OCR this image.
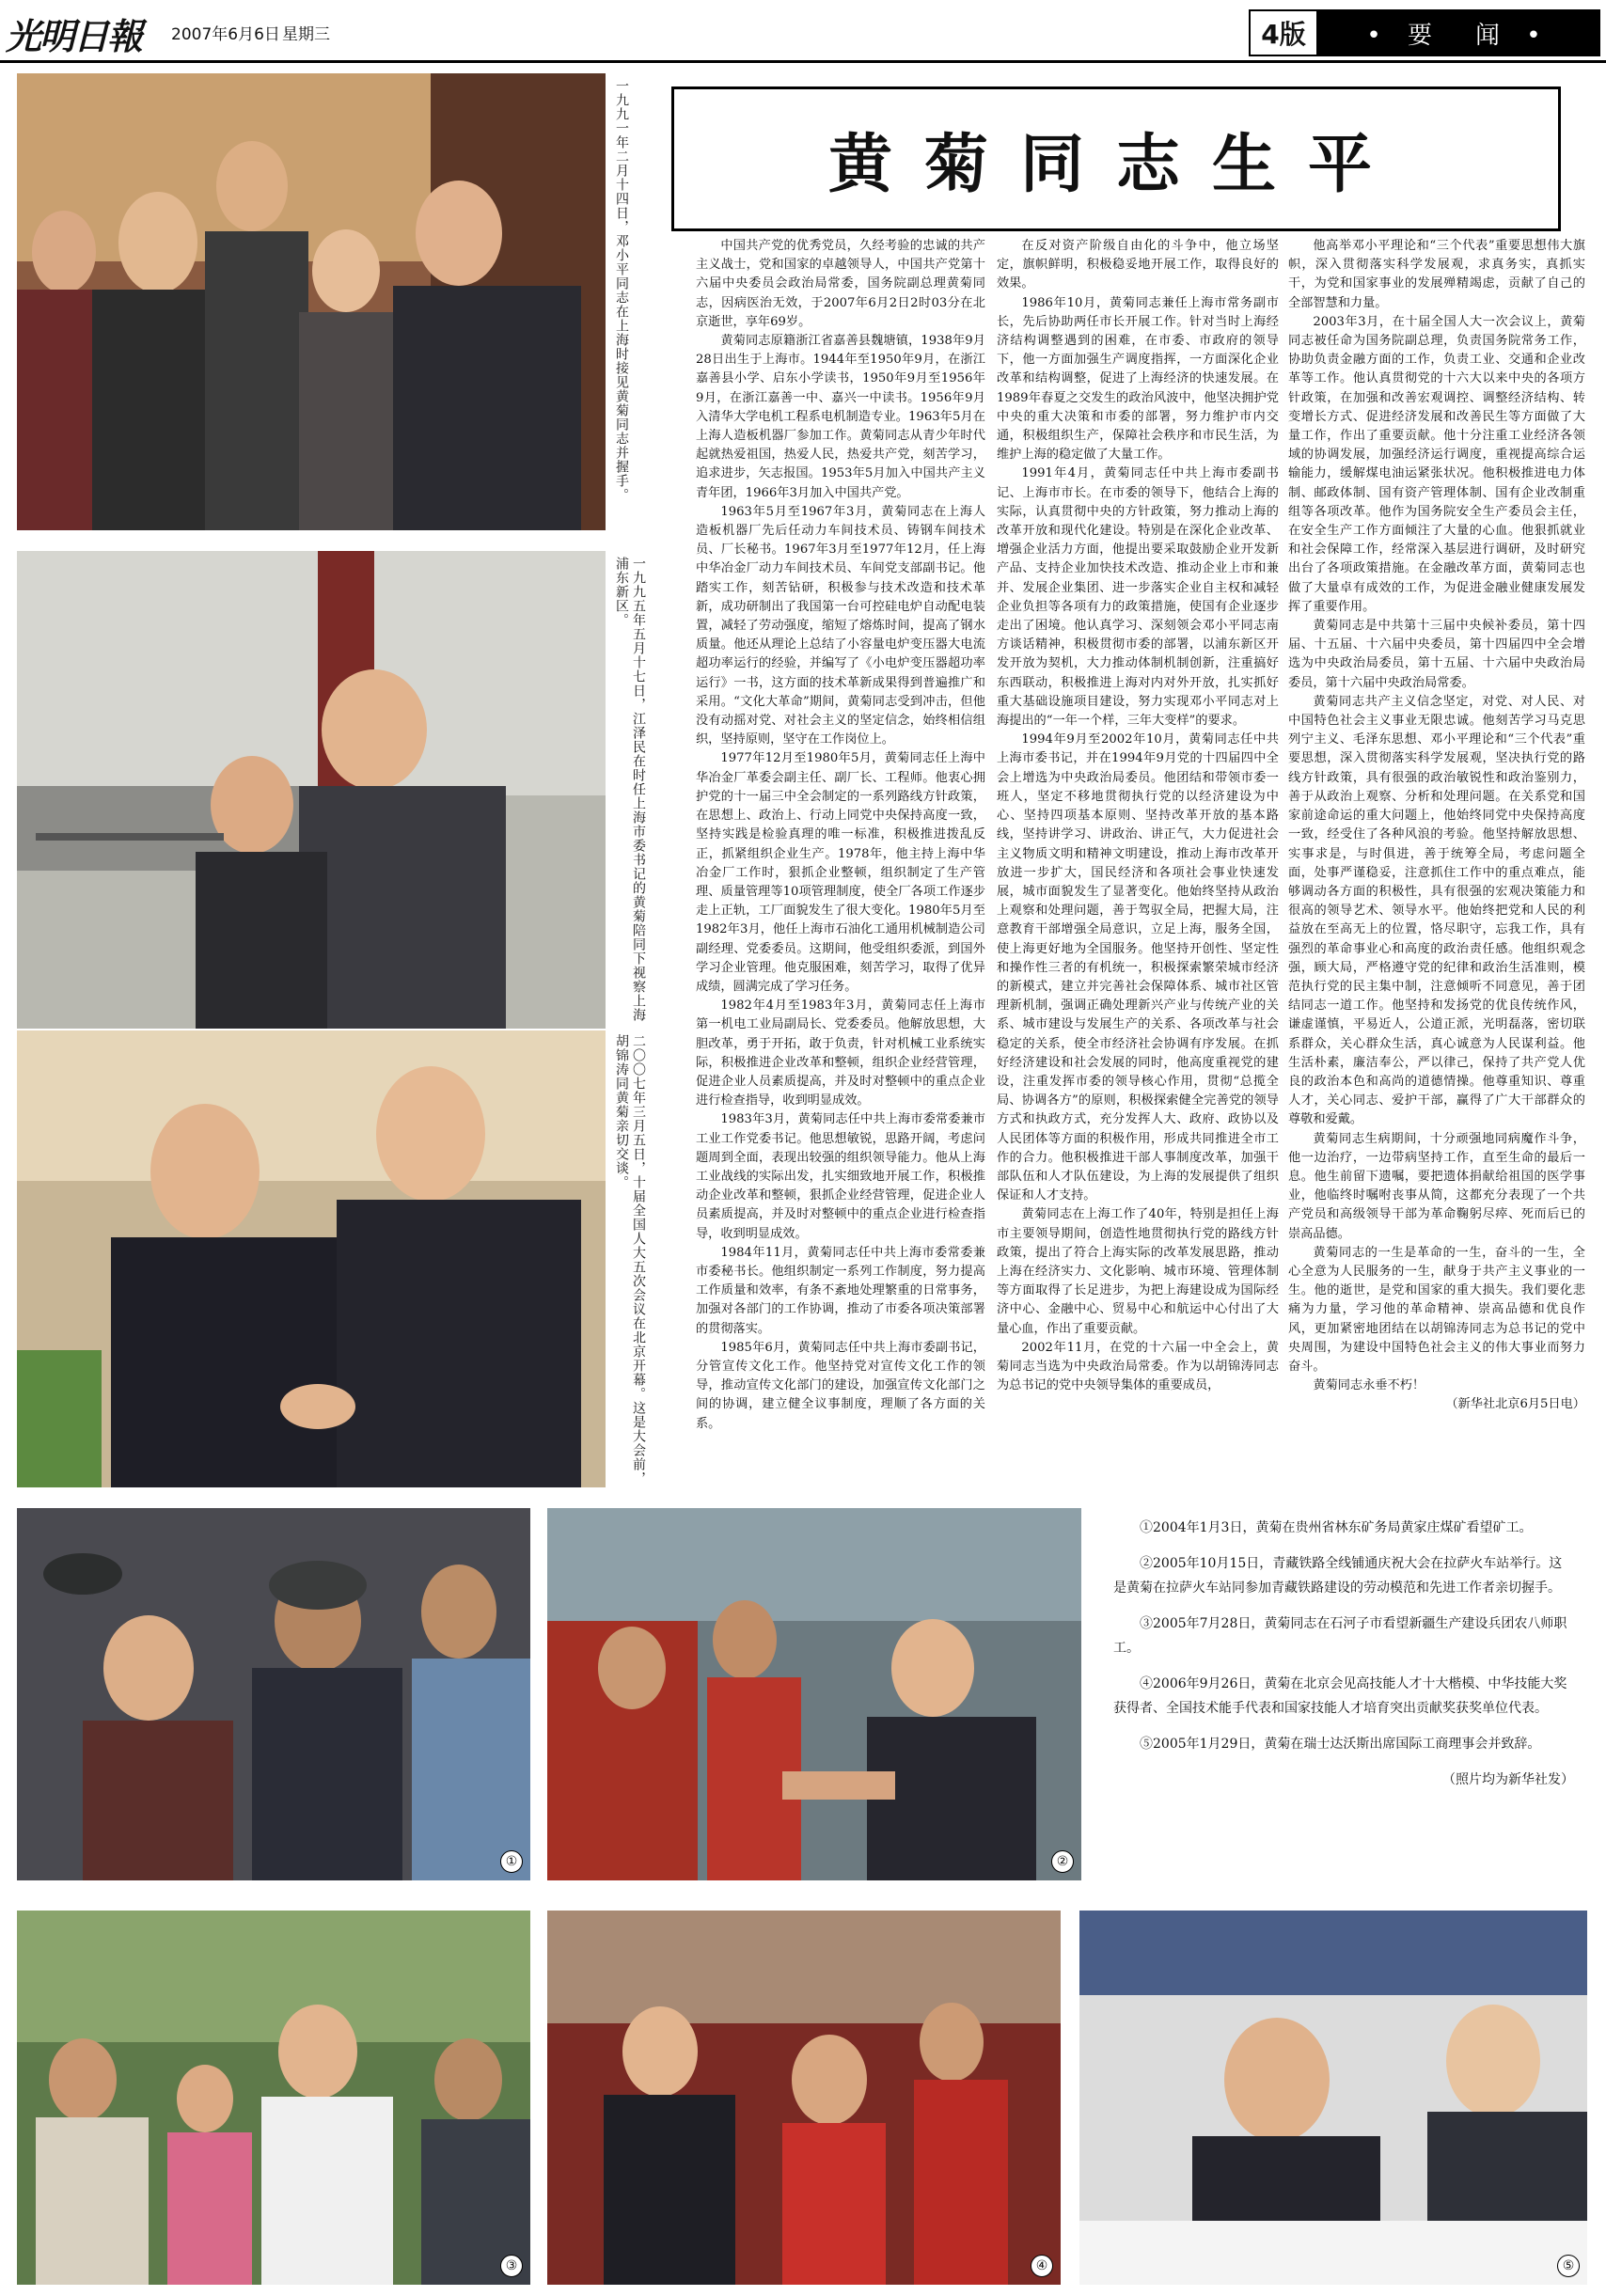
光明日報 2007年6月6日 星期三	4版	• 要　闻 •
一九九一年二月十四日，邓小平同志在上海时接见黄菊同志并握手。
一九九五年五月十七日，江泽民在时任上海市委书记的黄菊陪同下视察上海浦东新区。
二〇〇七年三月五日，十届全国人大五次会议在北京开幕。这是大会前，胡锦涛同黄菊亲切交谈。
黄菊同志生平

中国共产党的优秀党员，久经考验的忠诚的共产主义战士，党和国家的卓越领导人，中国共产党第十六届中央委员会政治局常委，国务院副总理黄菊同志，因病医治无效，于2007年6月2日2时03分在北京逝世，享年69岁。

黄菊同志原籍浙江省嘉善县魏塘镇，1938年9月28日出生于上海市。1944年至1950年9月，在浙江嘉善县小学、启东小学读书，1950年9月至1956年9月，在浙江嘉善一中、嘉兴一中读书。1956年9月入清华大学电机工程系电机制造专业。1963年5月在上海人造板机器厂参加工作。黄菊同志从青少年时代起就热爱祖国，热爱人民，热爱共产党，刻苦学习，追求进步，矢志报国。1953年5月加入中国共产主义青年团，1966年3月加入中国共产党。

1963年5月至1967年3月，黄菊同志在上海人造板机器厂先后任动力车间技术员、铸钢车间技术员、厂长秘书。1967年3月至1977年12月，任上海中华冶金厂动力车间技术员、车间党支部副书记。他踏实工作，刻苦钻研，积极参与技术改造和技术革新，成功研制出了我国第一台可控硅电炉自动配电装置，减轻了劳动强度，缩短了熔炼时间，提高了钢水质量。他还从理论上总结了小容量电炉变压器大电流超功率运行的经验，并编写了《小电炉变压器超功率运行》一书，这方面的技术革新成果得到普遍推广和采用。“文化大革命”期间，黄菊同志受到冲击，但他没有动摇对党、对社会主义的坚定信念，始终相信组织，坚持原则，坚守在工作岗位上。

1977年12月至1980年5月，黄菊同志任上海中华冶金厂革委会副主任、副厂长、工程师。他衷心拥护党的十一届三中全会制定的一系列路线方针政策，在思想上、政治上、行动上同党中央保持高度一致，坚持实践是检验真理的唯一标准，积极推进拨乱反正，抓紧组织企业生产。1978年，他主持上海中华冶金厂工作时，狠抓企业整顿，组织制定了生产管理、质量管理等10项管理制度，使全厂各项工作逐步走上正轨，工厂面貌发生了很大变化。1980年5月至1982年3月，他任上海市石油化工通用机械制造公司副经理、党委委员。这期间，他受组织委派，到国外学习企业管理。他克服困难，刻苦学习，取得了优异成绩，圆满完成了学习任务。

1982年4月至1983年3月，黄菊同志任上海市第一机电工业局副局长、党委委员。他解放思想，大胆改革，勇于开拓，敢于负责，针对机械工业系统实际，积极推进企业改革和整顿，组织企业经营管理，促进企业人员素质提高，并及时对整顿中的重点企业进行检查指导，收到明显成效。

1983年3月，黄菊同志任中共上海市委常委兼市工业工作党委书记。他思想敏锐，思路开阔，考虑问题周到全面，表现出较强的组织领导能力。他从上海工业战线的实际出发，扎实细致地开展工作，积极推动企业改革和整顿，狠抓企业经营管理，促进企业人员素质提高，并及时对整顿中的重点企业进行检查指导，收到明显成效。

1984年11月，黄菊同志任中共上海市委常委兼市委秘书长。他组织制定一系列工作制度，努力提高工作质量和效率，有条不紊地处理繁重的日常事务，加强对各部门的工作协调，推动了市委各项决策部署的贯彻落实。

1985年6月，黄菊同志任中共上海市委副书记，分管宣传文化工作。他坚持党对宣传文化工作的领导，推动宣传文化部门的建设，加强宣传文化部门之间的协调，建立健全议事制度，理顺了各方面的关系。

在反对资产阶级自由化的斗争中，他立场坚定，旗帜鲜明，积极稳妥地开展工作，取得良好的效果。

1986年10月，黄菊同志兼任上海市常务副市长，先后协助两任市长开展工作。针对当时上海经济结构调整遇到的困难，在市委、市政府的领导下，他一方面加强生产调度指挥，一方面深化企业改革和结构调整，促进了上海经济的快速发展。在1989年春夏之交发生的政治风波中，他坚决拥护党中央的重大决策和市委的部署，努力维护市内交通，积极组织生产，保障社会秩序和市民生活，为维护上海的稳定做了大量工作。

1991年4月，黄菊同志任中共上海市委副书记、上海市市长。在市委的领导下，他结合上海的实际，认真贯彻中央的方针政策，努力推动上海的改革开放和现代化建设。特别是在深化企业改革、增强企业活力方面，他提出要采取鼓励企业开发新产品、支持企业加快技术改造、推动企业上市和兼并、发展企业集团、进一步落实企业自主权和减轻企业负担等各项有力的政策措施，使国有企业逐步走出了困境。他认真学习、深刻领会邓小平同志南方谈话精神，积极贯彻市委的部署，以浦东新区开发开放为契机，大力推动体制机制创新，注重搞好东西联动，积极推进上海对内对外开放，扎实抓好重大基础设施项目建设，努力实现邓小平同志对上海提出的“一年一个样，三年大变样”的要求。

1994年9月至2002年10月，黄菊同志任中共上海市委书记，并在1994年9月党的十四届四中全会上增选为中央政治局委员。他团结和带领市委一班人，坚定不移地贯彻执行党的以经济建设为中心、坚持四项基本原则、坚持改革开放的基本路线，坚持讲学习、讲政治、讲正气，大力促进社会主义物质文明和精神文明建设，推动上海市改革开放进一步扩大，国民经济和各项社会事业快速发展，城市面貌发生了显著变化。他始终坚持从政治上观察和处理问题，善于驾驭全局，把握大局，注意教育干部增强全局意识，立足上海，服务全国，使上海更好地为全国服务。他坚持开创性、坚定性和操作性三者的有机统一，积极探索繁荣城市经济的新模式，建立并完善社会保障体系、城市社区管理新机制，强调正确处理新兴产业与传统产业的关系、城市建设与发展生产的关系、各项改革与社会稳定的关系，使全市经济社会协调有序发展。在抓好经济建设和社会发展的同时，他高度重视党的建设，注重发挥市委的领导核心作用，贯彻“总揽全局、协调各方”的原则，积极探索健全完善党的领导方式和执政方式，充分发挥人大、政府、政协以及人民团体等方面的积极作用，形成共同推进全市工作的合力。他积极推进干部人事制度改革，加强干部队伍和人才队伍建设，为上海的发展提供了组织保证和人才支持。

黄菊同志在上海工作了40年，特别是担任上海市主要领导期间，创造性地贯彻执行党的路线方针政策，提出了符合上海实际的改革发展思路，推动上海在经济实力、文化影响、城市环境、管理体制等方面取得了长足进步，为把上海建设成为国际经济中心、金融中心、贸易中心和航运中心付出了大量心血，作出了重要贡献。

2002年11月，在党的十六届一中全会上，黄菊同志当选为中央政治局常委。作为以胡锦涛同志为总书记的党中央领导集体的重要成员，

他高举邓小平理论和“三个代表”重要思想伟大旗帜，深入贯彻落实科学发展观，求真务实，真抓实干，为党和国家事业的发展殚精竭虑，贡献了自己的全部智慧和力量。

2003年3月，在十届全国人大一次会议上，黄菊同志被任命为国务院副总理，负责国务院常务工作，协助负责金融方面的工作，负责工业、交通和企业改革等工作。他认真贯彻党的十六大以来中央的各项方针政策，在加强和改善宏观调控、调整经济结构、转变增长方式、促进经济发展和改善民生等方面做了大量工作，作出了重要贡献。他十分注重工业经济各领域的协调发展，加强经济运行调度，重视提高综合运输能力，缓解煤电油运紧张状况。他积极推进电力体制、邮政体制、国有资产管理体制、国有企业改制重组等各项改革。他作为国务院安全生产委员会主任，在安全生产工作方面倾注了大量的心血。他狠抓就业和社会保障工作，经常深入基层进行调研，及时研究出台了各项政策措施。在金融改革方面，黄菊同志也做了大量卓有成效的工作，为促进金融业健康发展发挥了重要作用。

黄菊同志是中共第十三届中央候补委员，第十四届、十五届、十六届中央委员，第十四届四中全会增选为中央政治局委员，第十五届、十六届中央政治局委员，第十六届中央政治局常委。

黄菊同志共产主义信念坚定，对党、对人民、对中国特色社会主义事业无限忠诚。他刻苦学习马克思列宁主义、毛泽东思想、邓小平理论和“三个代表”重要思想，深入贯彻落实科学发展观，坚决执行党的路线方针政策，具有很强的政治敏锐性和政治鉴别力，善于从政治上观察、分析和处理问题。在关系党和国家前途命运的重大问题上，他始终同党中央保持高度一致，经受住了各种风浪的考验。他坚持解放思想、实事求是，与时俱进，善于统筹全局，考虑问题全面，处事严谨稳妥，注意抓住工作中的重点难点，能够调动各方面的积极性，具有很强的宏观决策能力和很高的领导艺术、领导水平。他始终把党和人民的利益放在至高无上的位置，恪尽职守，忘我工作，具有强烈的革命事业心和高度的政治责任感。他组织观念强，顾大局，严格遵守党的纪律和政治生活准则，模范执行党的民主集中制，注意倾听不同意见，善于团结同志一道工作。他坚持和发扬党的优良传统作风，谦虚谨慎，平易近人，公道正派，光明磊落，密切联系群众，关心群众生活，真心诚意为人民谋利益。他生活朴素，廉洁奉公，严以律己，保持了共产党人优良的政治本色和高尚的道德情操。他尊重知识、尊重人才，关心同志、爱护干部，赢得了广大干部群众的尊敬和爱戴。

黄菊同志生病期间，十分顽强地同病魔作斗争，他一边治疗，一边带病坚持工作，直至生命的最后一息。他生前留下遗嘱，要把遗体捐献给祖国的医学事业，他临终时嘱咐丧事从简，这都充分表现了一个共产党员和高级领导干部为革命鞠躬尽瘁、死而后已的崇高品德。

黄菊同志的一生是革命的一生，奋斗的一生，全心全意为人民服务的一生，献身于共产主义事业的一生。他的逝世，是党和国家的重大损失。我们要化悲痛为力量，学习他的革命精神、崇高品德和优良作风，更加紧密地团结在以胡锦涛同志为总书记的党中央周围，为建设中国特色社会主义的伟大事业而努力奋斗。

黄菊同志永垂不朽！

（新华社北京6月5日电）

①	②

①2004年1月3日，黄菊在贵州省林东矿务局黄家庄煤矿看望矿工。

②2005年10月15日，青藏铁路全线铺通庆祝大会在拉萨火车站举行。这是黄菊在拉萨火车站同参加青藏铁路建设的劳动模范和先进工作者亲切握手。

③2005年7月28日，黄菊同志在石河子市看望新疆生产建设兵团农八师职工。

④2006年9月26日，黄菊在北京会见高技能人才十大楷模、中华技能大奖获得者、全国技术能手代表和国家技能人才培育突出贡献奖获奖单位代表。

⑤2005年1月29日，黄菊在瑞士达沃斯出席国际工商理事会并致辞。

（照片均为新华社发）
③	④	⑤
